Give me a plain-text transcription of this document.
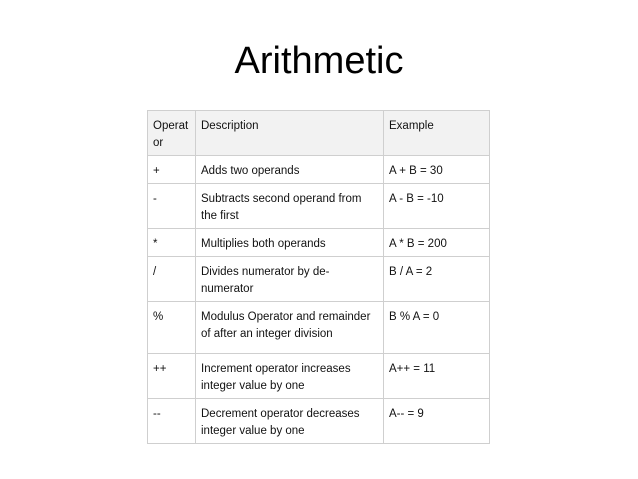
Arithmetic
Operat or	Description	Example
+	Adds two operands	A + B = 30
-	Subtracts second operand from the first	A - B = -10
*	Multiplies both operands	A * B = 200
/	Divides numerator by de-numerator	B / A = 2
%	Modulus Operator and remainder of after an integer division	B % A = 0
++	Increment operator increases integer value by one	A++ = 11
--	Decrement operator decreases integer value by one	A-- = 9
